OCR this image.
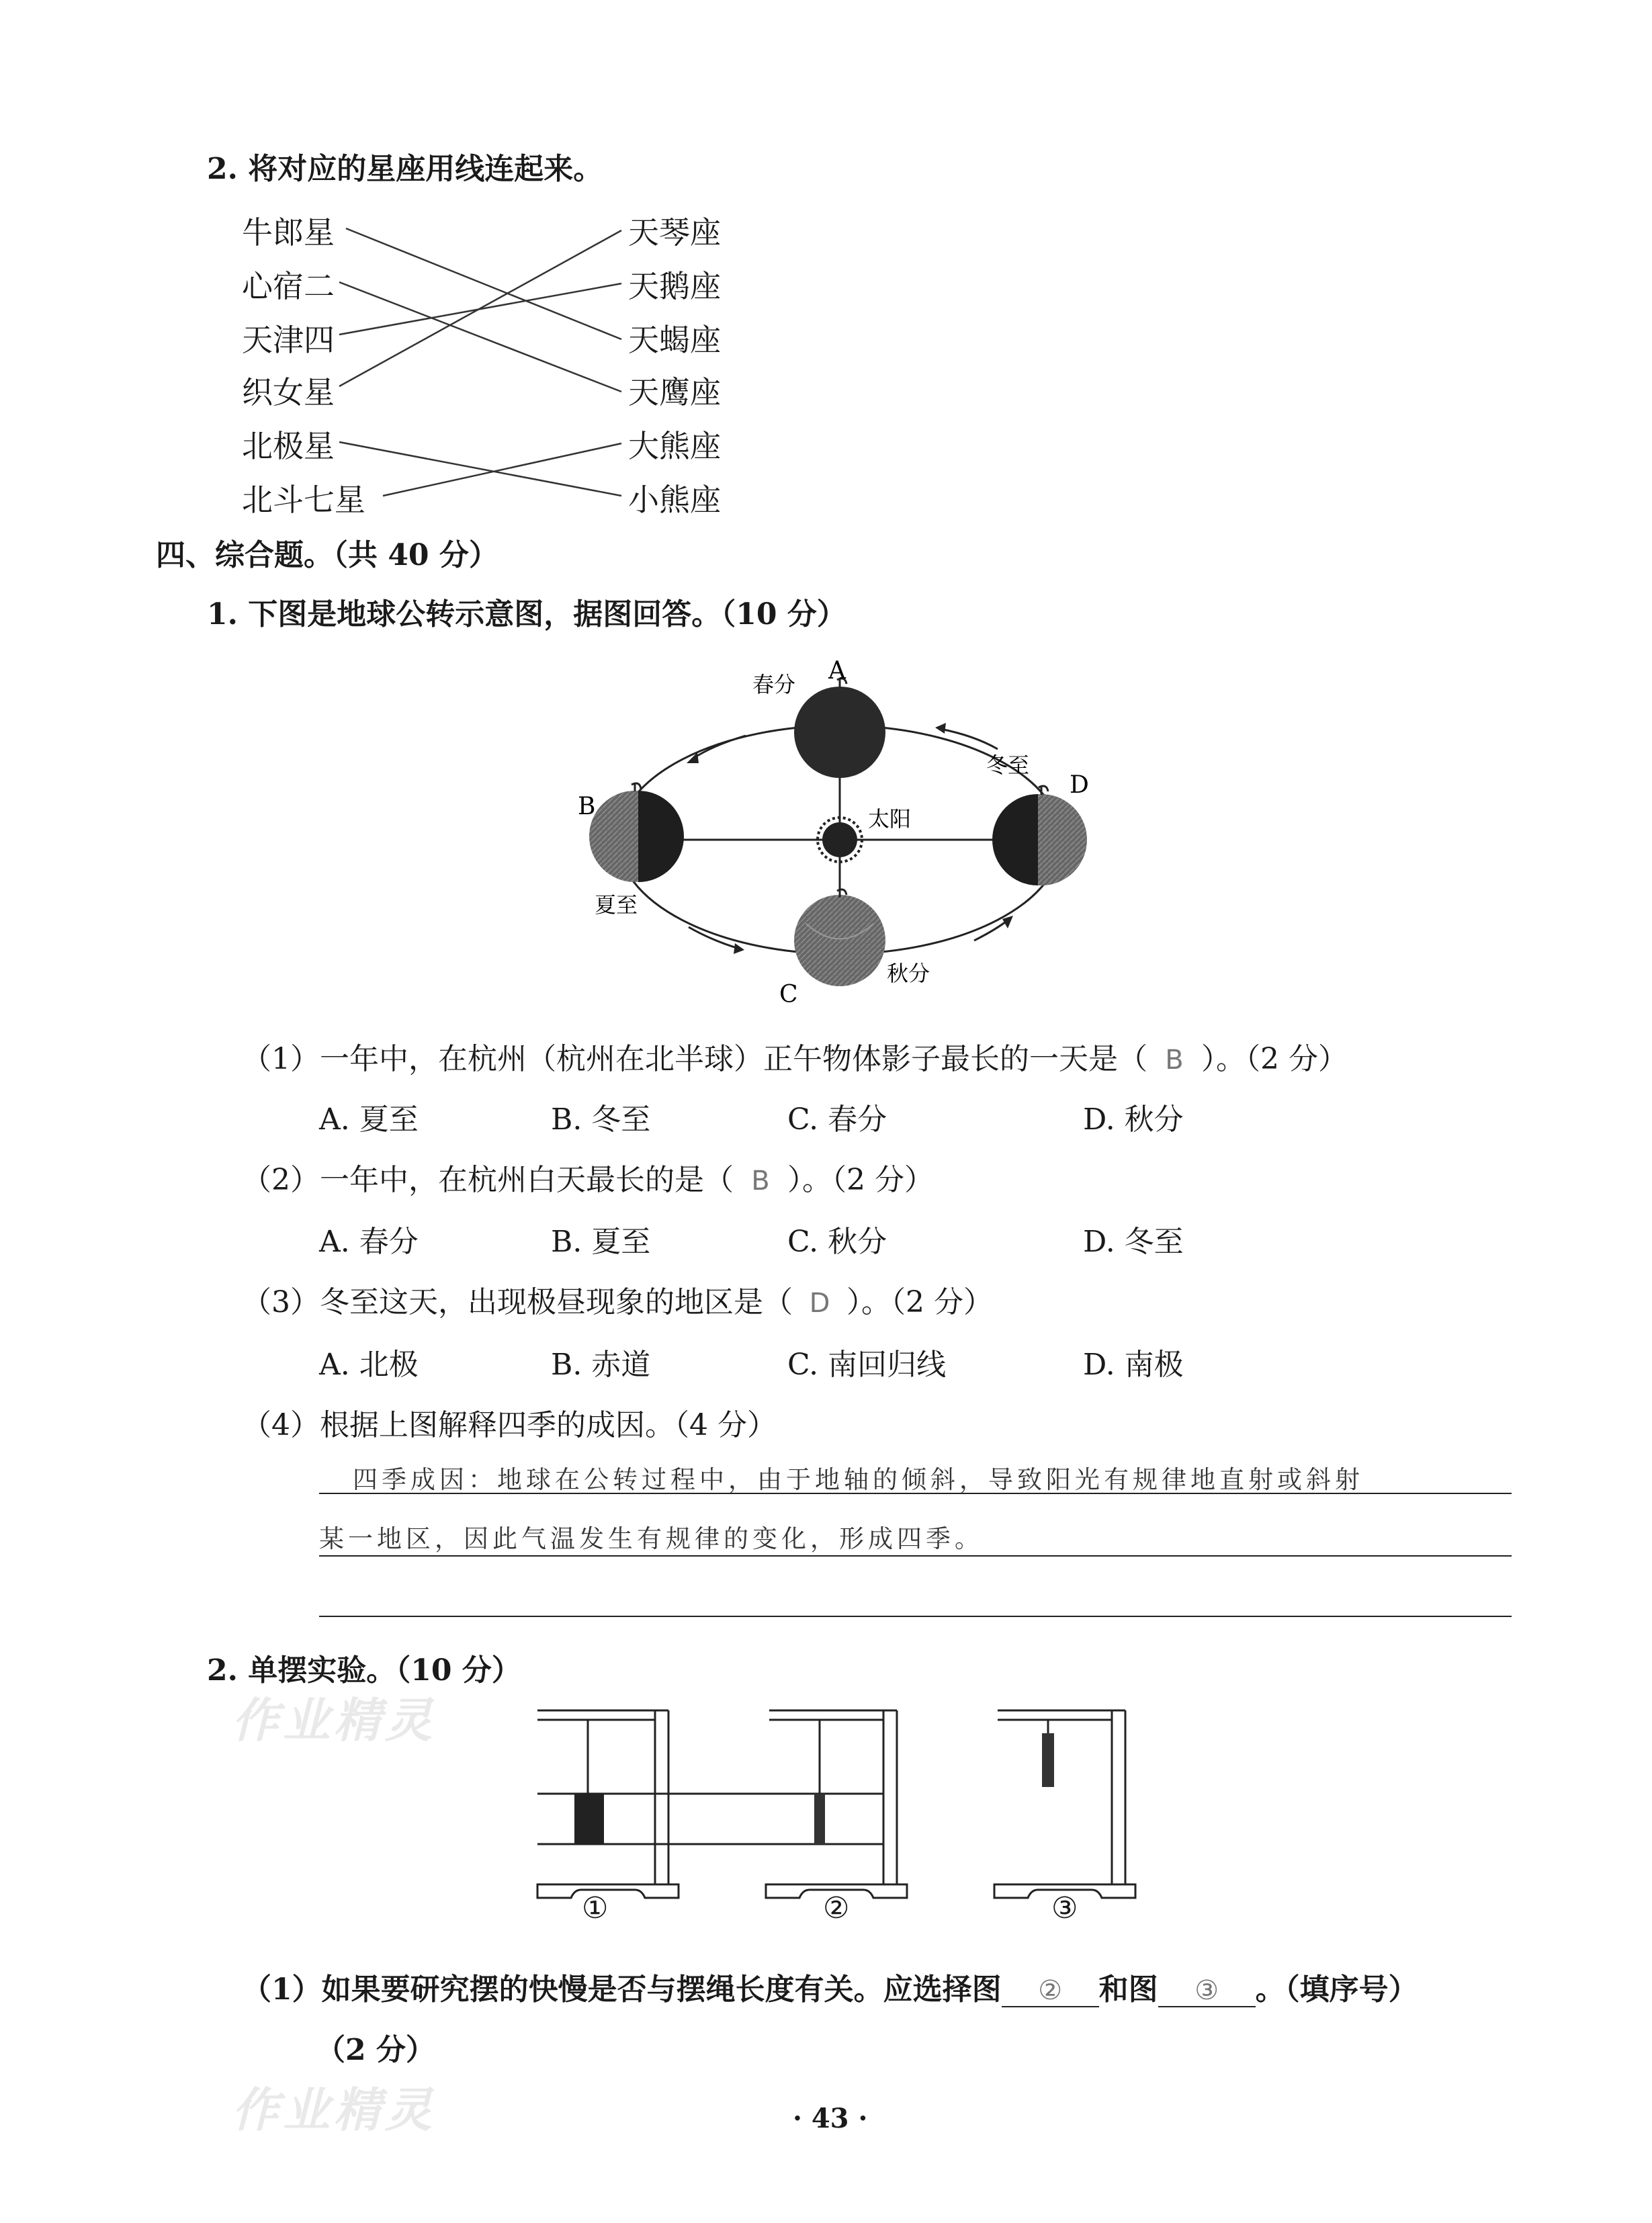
2. 将对应的星座用线连起来。
牛郎星
心宿二
天津四
织女星
北极星
北斗七星
天琴座
天鹅座
天蝎座
天鹰座
大熊座
小熊座
四、综合题。（共 40 分）
1. 下图是地球公转示意图，据图回答。（10 分）
A
春分
B
夏至
C
秋分
D
冬至
太阳
（1）一年中，在杭州（杭州在北半球）正午物体影子最长的一天是（ B ）。（2 分）
A. 夏至	B. 冬至	C. 春分	D. 秋分
（2）一年中，在杭州白天最长的是（ B ）。（2 分）
A. 春分	B. 夏至	C. 秋分	D. 冬至
（3）冬至这天，出现极昼现象的地区是（ D ）。（2 分）
A. 北极	B. 赤道	C. 南回归线	D. 南极
（4）根据上图解释四季的成因。（4 分）
四季成因：地球在公转过程中，由于地轴的倾斜，导致阳光有规律地直射或斜射
某一地区，因此气温发生有规律的变化，形成四季。
2. 单摆实验。（10 分）
作业精灵
①	②	③
（1）如果要研究摆的快慢是否与摆绳长度有关。应选择图 ② 和图 ③ 。（填序号）
（2 分）
作业精灵	· 43 ·
